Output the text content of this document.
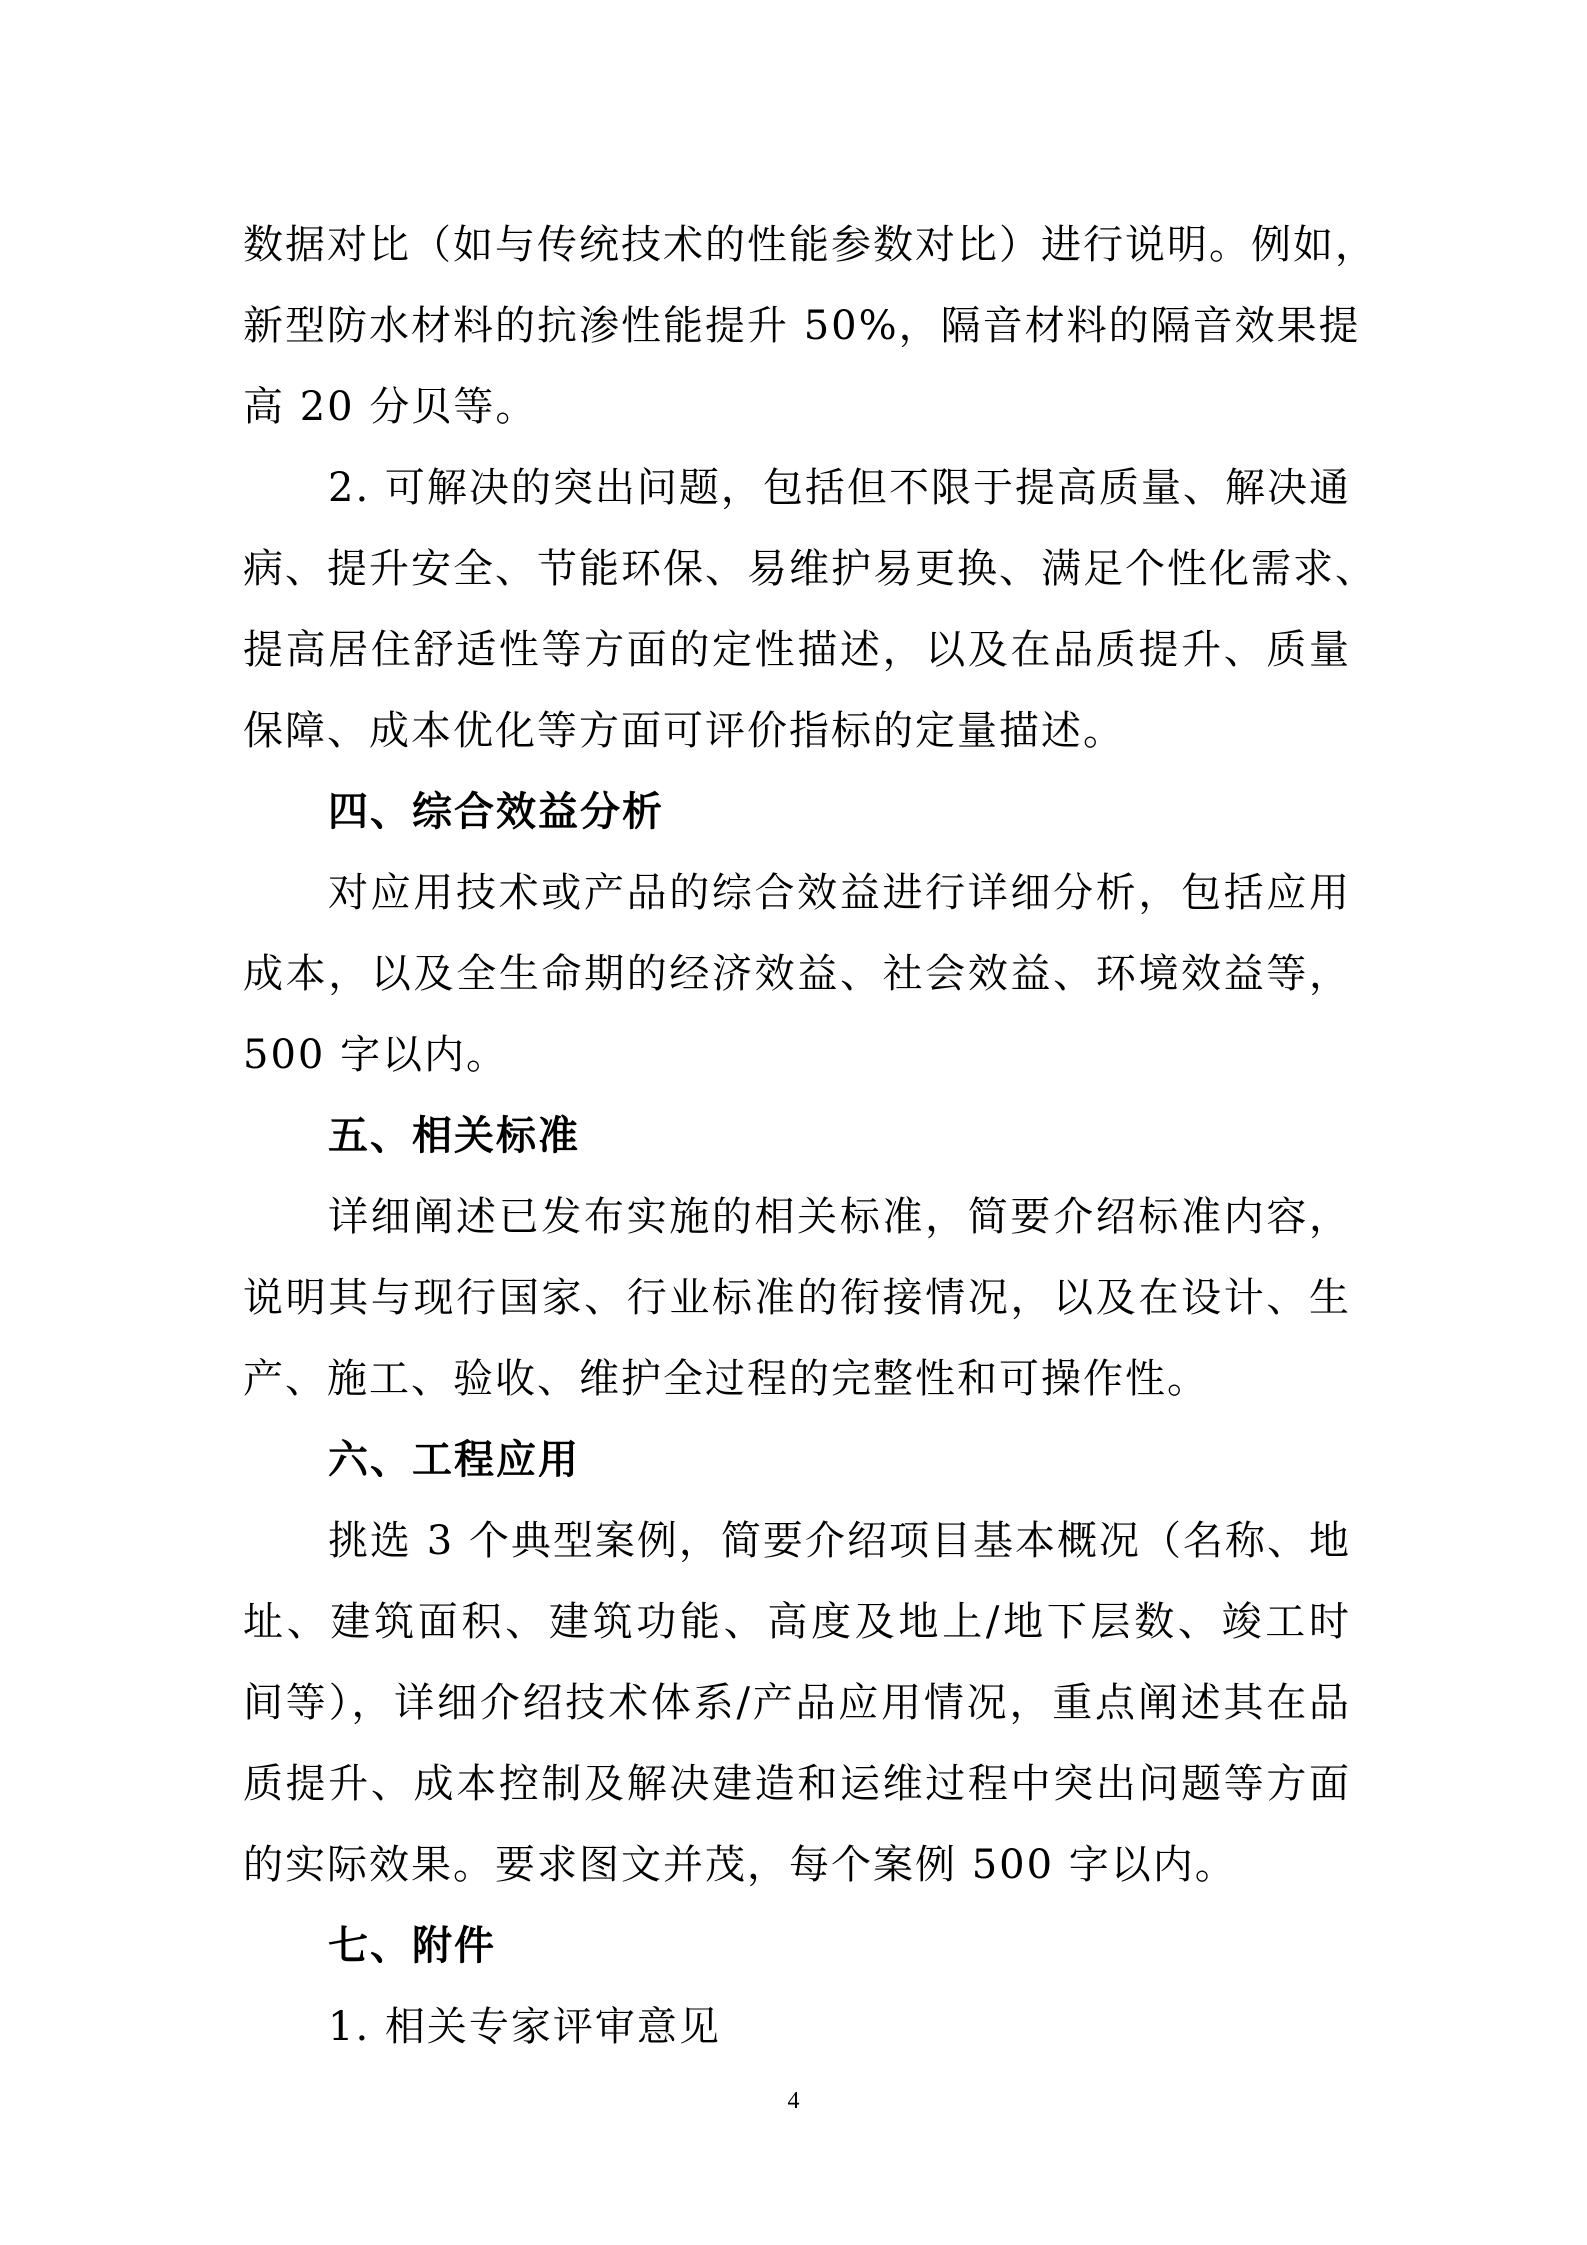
数据对比（如与传统技术的性能参数对比）进行说明。例如，
新型防水材料的抗渗性能提升 50%，隔音材料的隔音效果提
高 20 分贝等。
2. 可解决的突出问题，包括但不限于提高质量、解决通
病、提升安全、节能环保、易维护易更换、满足个性化需求、
提高居住舒适性等方面的定性描述，以及在品质提升、质量
保障、成本优化等方面可评价指标的定量描述。
四、综合效益分析
对应用技术或产品的综合效益进行详细分析，包括应用
成本，以及全生命期的经济效益、社会效益、环境效益等，
500 字以内。
五、相关标准
详细阐述已发布实施的相关标准，简要介绍标准内容，
说明其与现行国家、行业标准的衔接情况，以及在设计、生
产、施工、验收、维护全过程的完整性和可操作性。
六、工程应用
挑选 3 个典型案例，简要介绍项目基本概况（名称、地
址、建筑面积、建筑功能、高度及地上/地下层数、竣工时
间等），详细介绍技术体系/产品应用情况，重点阐述其在品
质提升、成本控制及解决建造和运维过程中突出问题等方面
的实际效果。要求图文并茂，每个案例 500 字以内。
七、附件
1. 相关专家评审意见
4
